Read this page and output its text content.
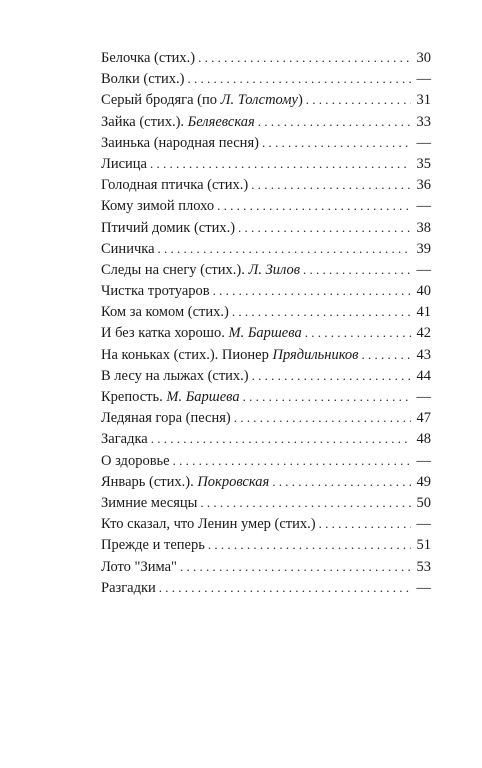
Белочка (стих.) . . .	30
Волки (стих.) . . .	—
Серый бродяга (по Л. Толстому) . . .	31
Зайка (стих.). Беляевская . . .	33
Заинька (народная песня) . . .	—
Лисица . . .	35
Голодная птичка (стих.) . . .	36
Кому зимой плохо . . .	—
Птичий домик (стих.) . . .	38
Синичка . . .	39
Следы на снегу (стих.). Л. Зилов . . .	—
Чистка тротуаров . . .	40
Ком за комом (стих.) . . .	41
И без катка хорошо. М. Баршева . . .	42
На коньках (стих.). Пионер Прядильников . . .	43
В лесу на лыжах (стих.) . . .	44
Крепость. М. Баршева . . .	—
Ледяная гора (песня) . . .	47
Загадка . . .	48
О здоровье . . .	—
Январь (стих.). Покровская . . .	49
Зимние месяцы . . .	50
Кто сказал, что Ленин умер (стих.) . . .	—
Прежде и теперь . . .	51
Лото "Зима" . . .	53
Разгадки . . .	—
